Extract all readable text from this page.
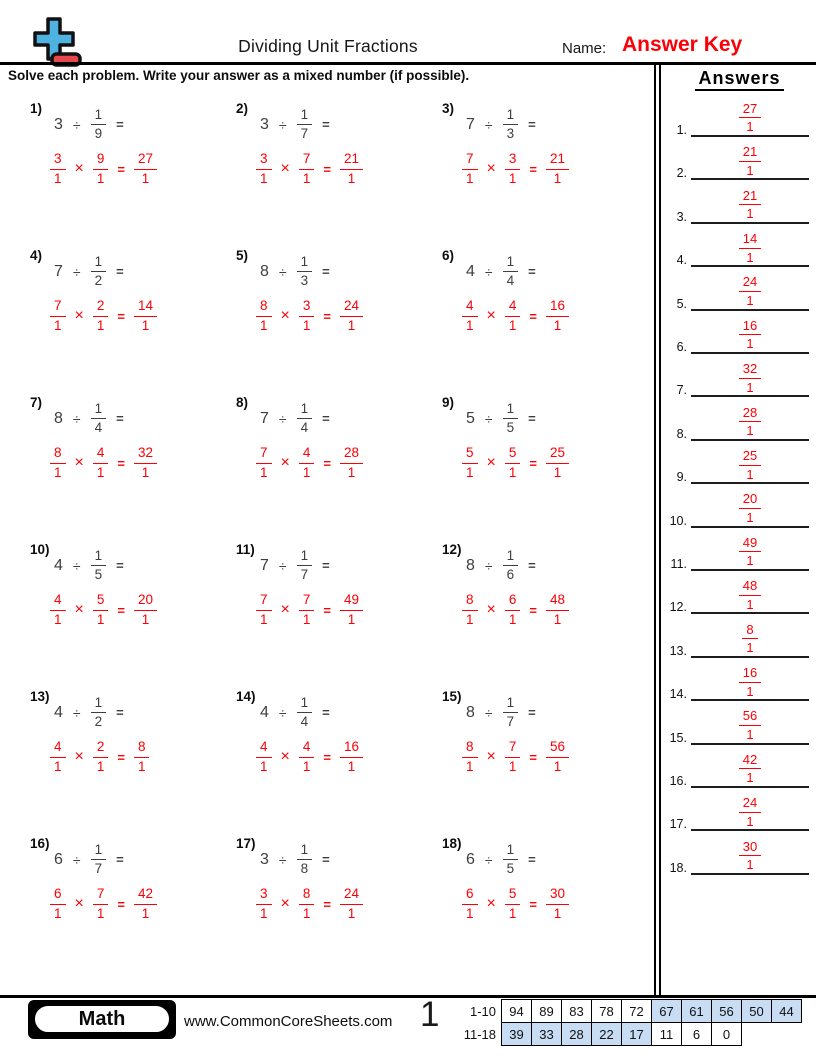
Dividing Unit Fractions	Name: Answer Key
Solve each problem. Write your answer as a mixed number (if possible).
1)
$3 \div \frac{1}{9}$ =
$\frac{3}{1} \times \frac{9}{1} = \frac{27}{1}$
2)
$3 \div \frac{1}{7}$ =
$\frac{3}{1} \times \frac{7}{1} = \frac{21}{1}$
3)
$7 \div \frac{1}{3}$ =
$\frac{7}{1} \times \frac{3}{1} = \frac{21}{1}$
4)
$7 \div \frac{1}{2}$ =
$\frac{7}{1} \times \frac{2}{1} = \frac{14}{1}$
5)
$8 \div \frac{1}{3}$ =
$\frac{8}{1} \times \frac{3}{1} = \frac{24}{1}$
6)
$4 \div \frac{1}{4}$ =
$\frac{4}{1} \times \frac{4}{1} = \frac{16}{1}$
7)
$8 \div \frac{1}{4}$ =
$\frac{8}{1} \times \frac{4}{1} = \frac{32}{1}$
8)
$7 \div \frac{1}{4}$ =
$\frac{7}{1} \times \frac{4}{1} = \frac{28}{1}$
9)
$5 \div \frac{1}{5}$ =
$\frac{5}{1} \times \frac{5}{1} = \frac{25}{1}$
10)
$4 \div \frac{1}{5}$ =
$\frac{4}{1} \times \frac{5}{1} = \frac{20}{1}$
11)
$7 \div \frac{1}{7}$ =
$\frac{7}{1} \times \frac{7}{1} = \frac{49}{1}$
12)
$8 \div \frac{1}{6}$ =
$\frac{8}{1} \times \frac{6}{1} = \frac{48}{1}$
13)
$4 \div \frac{1}{2}$ =
$\frac{4}{1} \times \frac{2}{1} = \frac{8}{1}$
14)
$4 \div \frac{1}{4}$ =
$\frac{4}{1} \times \frac{4}{1} = \frac{16}{1}$
15)
$8 \div \frac{1}{7}$ =
$\frac{8}{1} \times \frac{7}{1} = \frac{56}{1}$
16)
$6 \div \frac{1}{7}$ =
$\frac{6}{1} \times \frac{7}{1} = \frac{42}{1}$
17)
$3 \div \frac{1}{8}$ =
$\frac{3}{1} \times \frac{8}{1} = \frac{24}{1}$
18)
$6 \div \frac{1}{5}$ =
$\frac{6}{1} \times \frac{5}{1} = \frac{30}{1}$
Answers
1.	$\frac{27}{1}$
2.	$\frac{21}{1}$
3.	$\frac{21}{1}$
4.	$\frac{14}{1}$
5.	$\frac{24}{1}$
6.	$\frac{16}{1}$
7.	$\frac{32}{1}$
8.	$\frac{28}{1}$
9.	$\frac{25}{1}$
10.	$\frac{20}{1}$
11.	$\frac{49}{1}$
12.	$\frac{48}{1}$
13.	$\frac{8}{1}$
14.	$\frac{16}{1}$
15.	$\frac{56}{1}$
16.	$\frac{42}{1}$
17.	$\frac{24}{1}$
18.	$\frac{30}{1}$
Math	www.CommonCoreSheets.com 1 1-10	94	89	83	78	72	67	61	56	50	44
11-18	39	33	28	22	17	11	6	0		
